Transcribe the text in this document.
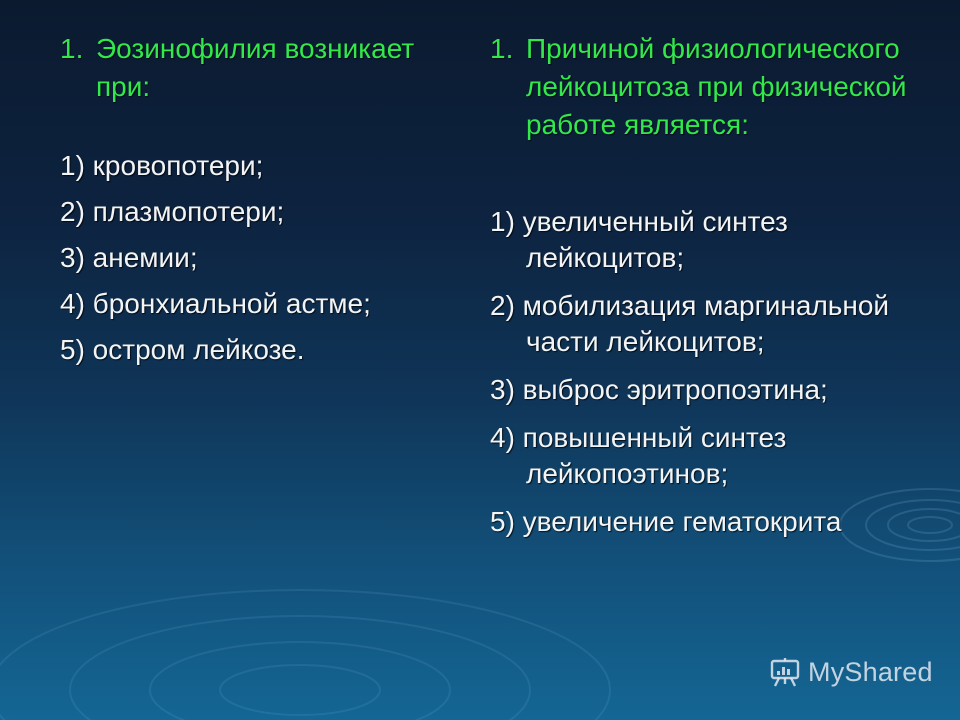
1. Эозинофилия возникает при:

1) кровопотери;
2) плазмопотери;
3) анемии;
4) бронхиальной астме;
5) остром лейкозе.

1. Причиной физиологического лейкоцитоза при физической работе является:

1) увеличенный синтез лейкоцитов;
2) мобилизация маргинальной части лейкоцитов;
3) выброс эритропоэтина;
4) повышенный синтез лейкопоэтинов;
5) увеличение гематокрита
MyShared
